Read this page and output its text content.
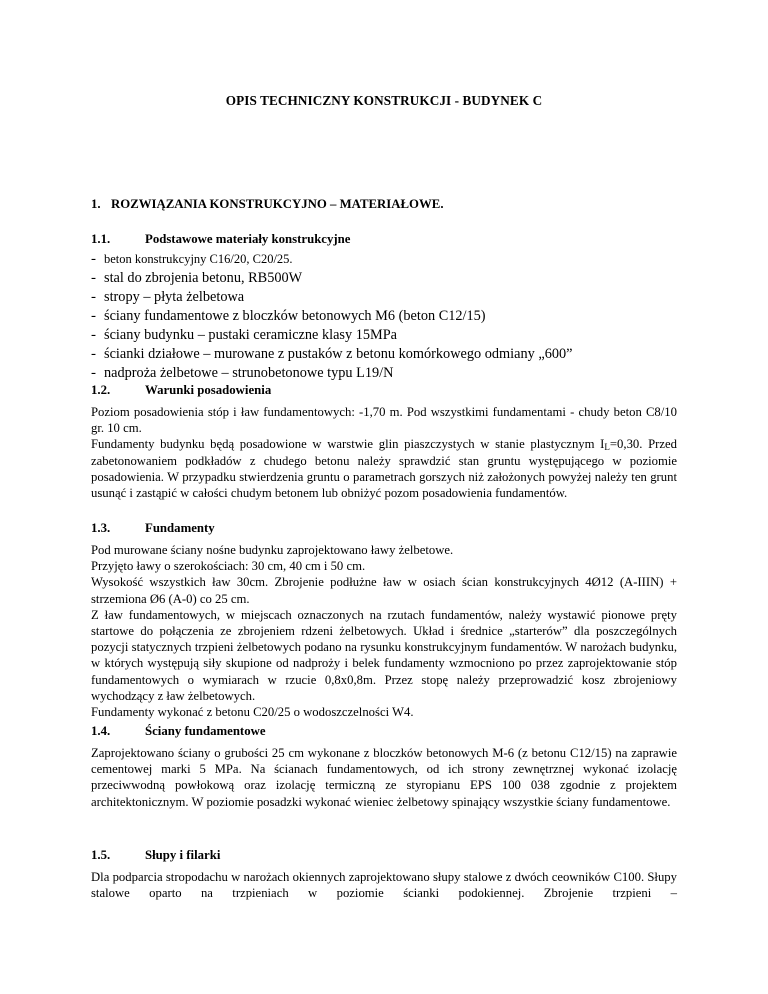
OPIS TECHNICZNY KONSTRUKCJI - BUDYNEK C
1. ROZWIĄZANIA KONSTRUKCYJNO – MATERIAŁOWE.
1.1.	Podstawowe materiały konstrukcyjne
- beton konstrukcyjny C16/20, C20/25.
- stal do zbrojenia betonu, RB500W
- stropy – płyta żelbetowa
- ściany fundamentowe z bloczków betonowych M6 (beton C12/15)
- ściany budynku – pustaki ceramiczne klasy 15MPa
- ścianki działowe – murowane z pustaków z betonu komórkowego odmiany „600”
- nadproża żelbetowe – strunobetonowe typu L19/N
1.2.	Warunki posadowienia

Poziom posadowienia stóp i ław fundamentowych: -1,70 m. Pod wszystkimi fundamentami - chudy beton C8/10 gr. 10 cm.

Fundamenty budynku będą posadowione w warstwie glin piaszczystych w stanie plastycznym $I_L=0,30$. Przed zabetonowaniem podkładów z chudego betonu należy sprawdzić stan gruntu występującego w poziomie posadowienia. W przypadku stwierdzenia gruntu o parametrach gorszych niż założonych powyżej należy ten grunt usunąć i zastąpić w całości chudym betonem lub obniżyć pozom posadowienia fundamentów.

1.3.	Fundamenty

Pod murowane ściany nośne budynku zaprojektowano ławy żelbetowe.

Przyjęto ławy o szerokościach: 30 cm, 40 cm i 50 cm.

Wysokość wszystkich ław 30cm. Zbrojenie podłużne ław w osiach ścian konstrukcyjnych 4Ø12 (A-IIIN) + strzemiona Ø6 (A-0) co 25 cm.

Z ław fundamentowych, w miejscach oznaczonych na rzutach fundamentów, należy wystawić pionowe pręty startowe do połączenia ze zbrojeniem rdzeni żelbetowych. Układ i średnice „starterów” dla poszczególnych pozycji statycznych trzpieni żelbetowych podano na rysunku konstrukcyjnym fundamentów. W narożach budynku, w których występują siły skupione od nadproży i belek fundamenty wzmocniono po przez zaprojektowanie stóp fundamentowych o wymiarach w rzucie 0,8x0,8m. Przez stopę należy przeprowadzić kosz zbrojeniowy wychodzący z ław żelbetowych.

Fundamenty wykonać z betonu C20/25 o wodoszczelności W4.

1.4.	Ściany fundamentowe

Zaprojektowano ściany o grubości 25 cm wykonane z bloczków betonowych M-6 (z betonu C12/15) na zaprawie cementowej marki 5 MPa. Na ścianach fundamentowych, od ich strony zewnętrznej wykonać izolację przeciwwodną powłokową oraz izolację termiczną ze styropianu EPS 100 038 zgodnie z projektem architektonicznym. W poziomie posadzki wykonać wieniec żelbetowy spinający wszystkie ściany fundamentowe.

1.5.	Słupy i filarki

Dla podparcia stropodachu w narożach okiennych zaprojektowano słupy stalowe z dwóch ceowników C100. Słupy stalowe oparto na trzpieniach w poziomie ścianki podokiennej. Zbrojenie trzpieni –
